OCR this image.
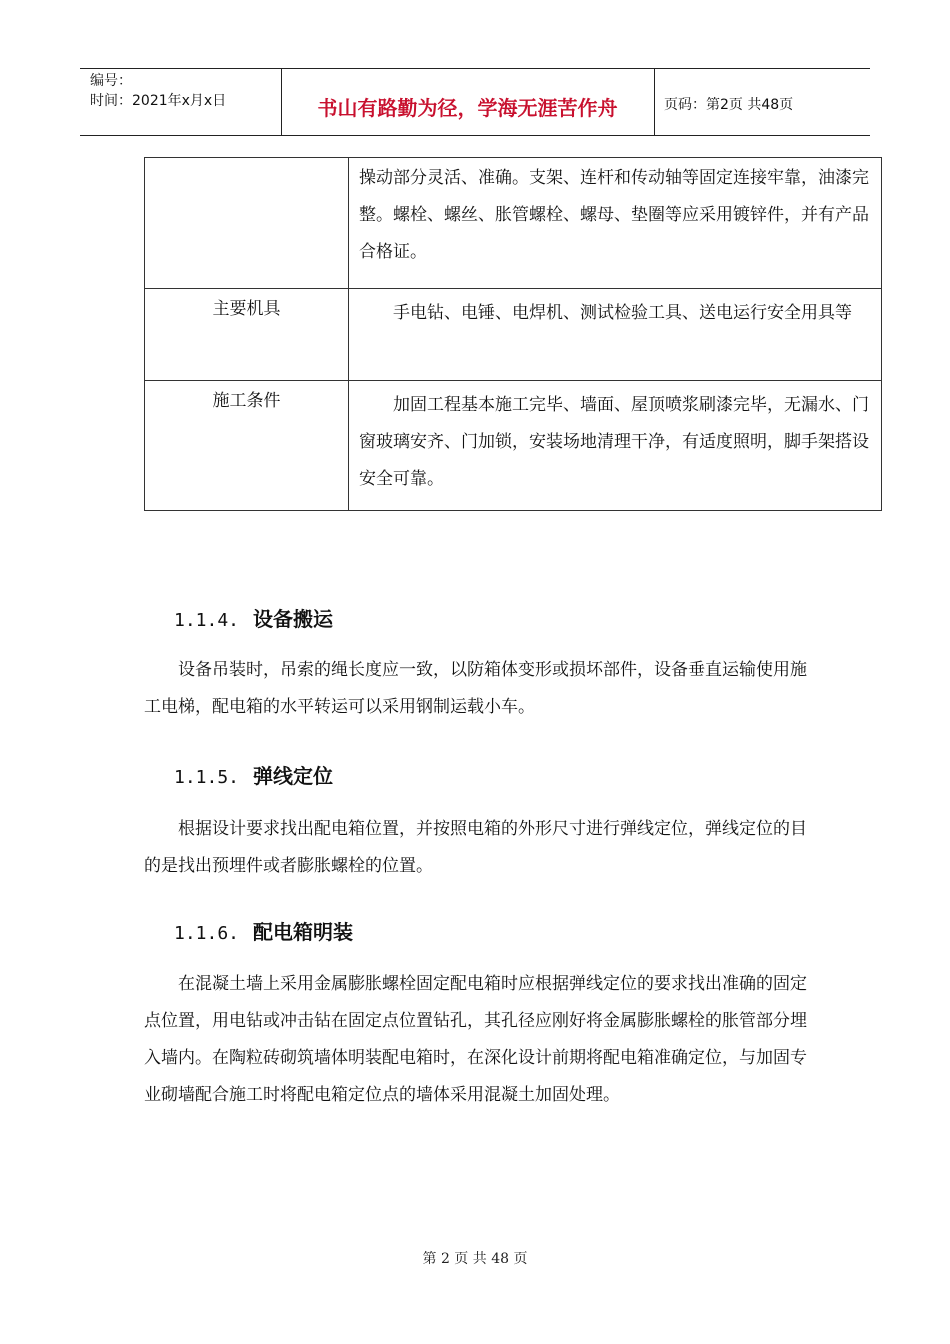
编号：
时间：2021年x月x日	书山有路勤为径，学海无涯苦作舟	页码：第2页 共48页
	操动部分灵活、准确。支架、连杆和传动轴等固定连接牢靠，油漆完整。螺栓、螺丝、胀管螺栓、螺母、垫圈等应采用镀锌件，并有产品合格证。
主要机具	手电钻、电锤、电焊机、测试检验工具、送电运行安全用具等
施工条件	加固工程基本施工完毕、墙面、屋顶喷浆刷漆完毕，无漏水、门窗玻璃安齐、门加锁，安装场地清理干净，有适度照明，脚手架搭设安全可靠。
1.1.4. 设备搬运
设备吊装时，吊索的绳长度应一致，以防箱体变形或损坏部件，设备垂直运输使用施工电梯，配电箱的水平转运可以采用钢制运载小车。
1.1.5. 弹线定位
根据设计要求找出配电箱位置，并按照电箱的外形尺寸进行弹线定位，弹线定位的目的是找出预埋件或者膨胀螺栓的位置。
1.1.6. 配电箱明装
在混凝土墙上采用金属膨胀螺栓固定配电箱时应根据弹线定位的要求找出准确的固定点位置，用电钻或冲击钻在固定点位置钻孔，其孔径应刚好将金属膨胀螺栓的胀管部分埋入墙内。在陶粒砖砌筑墙体明装配电箱时，在深化设计前期将配电箱准确定位，与加固专业砌墙配合施工时将配电箱定位点的墙体采用混凝土加固处理。
第 2 页 共 48 页
